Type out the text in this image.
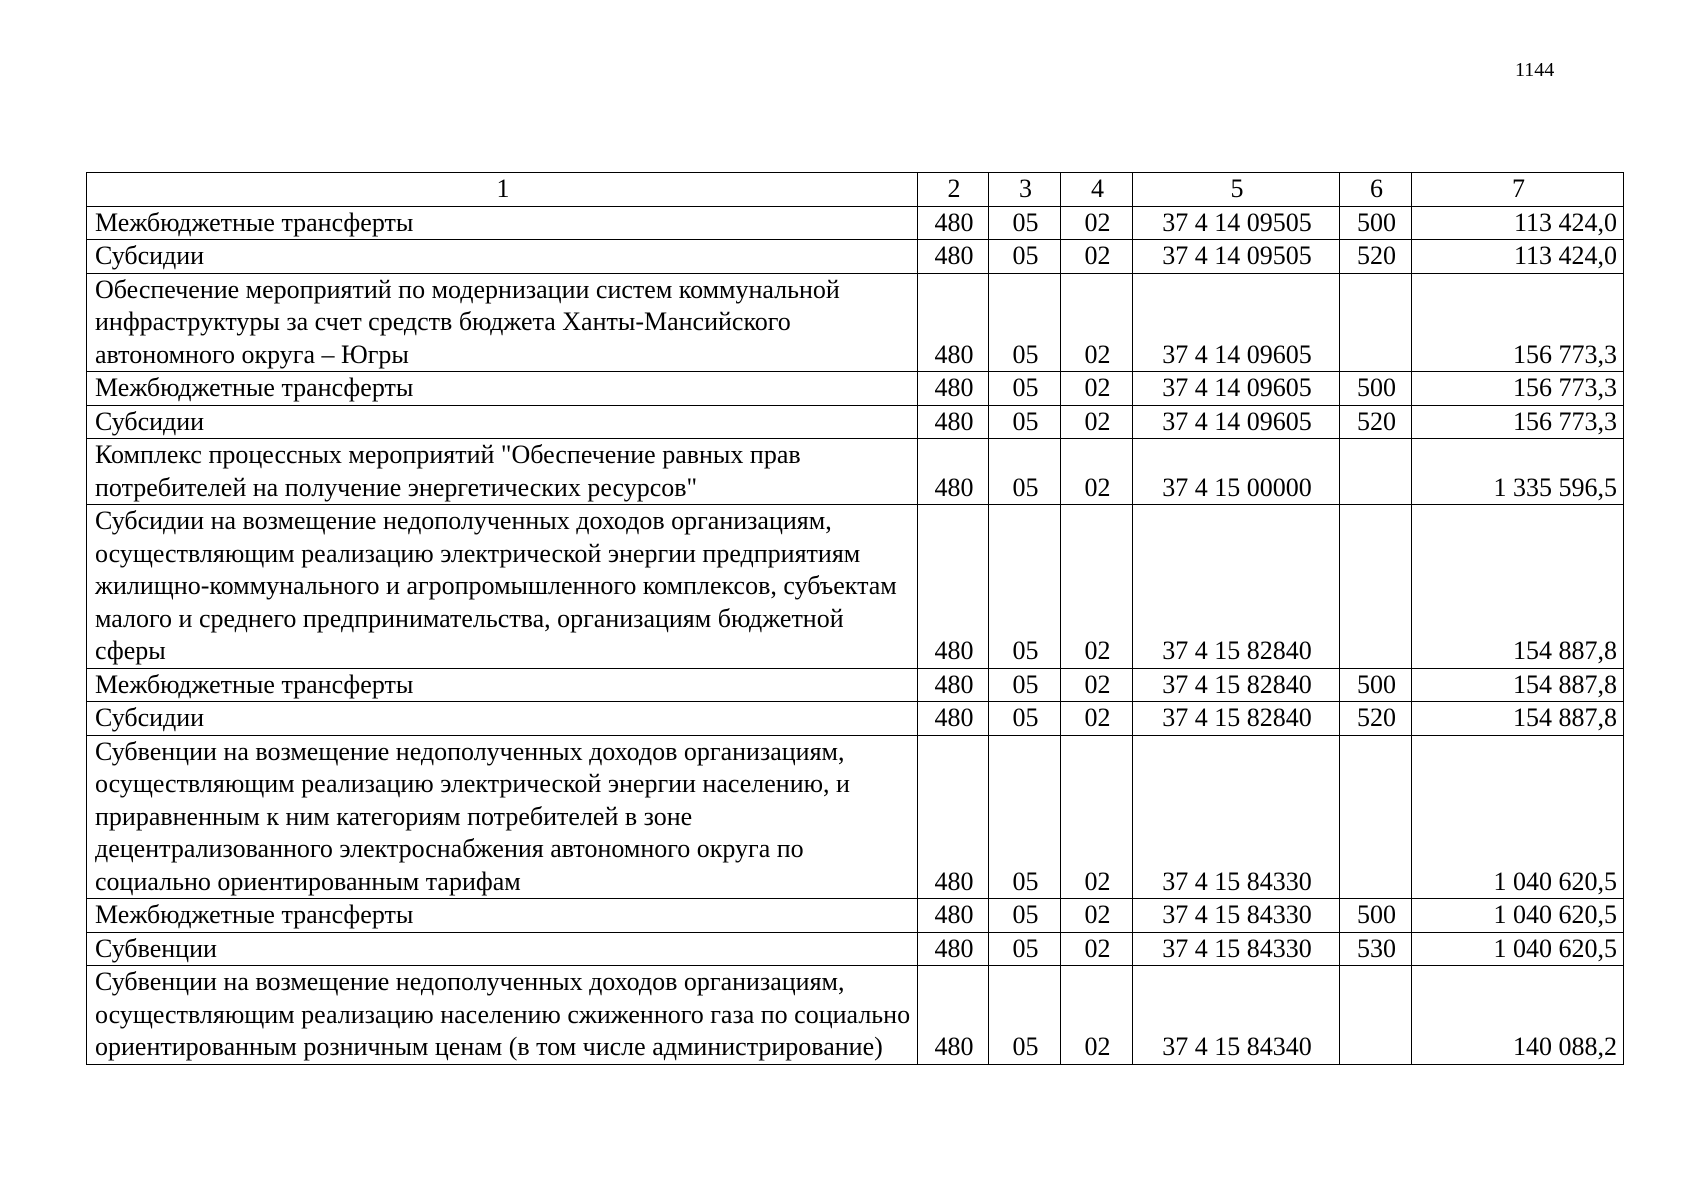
1144
1	2	3	4	5	6	7
Межбюджетные трансферты	480	05	02	37 4 14 09505	500	113 424,0
Субсидии	480	05	02	37 4 14 09505	520	113 424,0
Обеспечение мероприятий по модернизации систем коммунальной инфраструктуры за счет средств бюджета Ханты-Мансийского автономного округа – Югры	480	05	02	37 4 14 09605		156 773,3
Межбюджетные трансферты	480	05	02	37 4 14 09605	500	156 773,3
Субсидии	480	05	02	37 4 14 09605	520	156 773,3
Комплекс процессных мероприятий "Обеспечение равных прав потребителей на получение энергетических ресурсов"	480	05	02	37 4 15 00000		1 335 596,5
Субсидии на возмещение недополученных доходов организациям, осуществляющим реализацию электрической энергии предприятиям жилищно-коммунального и агропромышленного комплексов, субъектам малого и среднего предпринимательства, организациям бюджетной сферы	480	05	02	37 4 15 82840		154 887,8
Межбюджетные трансферты	480	05	02	37 4 15 82840	500	154 887,8
Субсидии	480	05	02	37 4 15 82840	520	154 887,8
Субвенции на возмещение недополученных доходов организациям, осуществляющим реализацию электрической энергии населению, и приравненным к ним категориям потребителей в зоне децентрализованного электроснабжения автономного округа по социально ориентированным тарифам	480	05	02	37 4 15 84330		1 040 620,5
Межбюджетные трансферты	480	05	02	37 4 15 84330	500	1 040 620,5
Субвенции	480	05	02	37 4 15 84330	530	1 040 620,5
Субвенции на возмещение недополученных доходов организациям, осуществляющим реализацию населению сжиженного газа по социально ориентированным розничным ценам (в том числе администрирование)	480	05	02	37 4 15 84340		140 088,2
